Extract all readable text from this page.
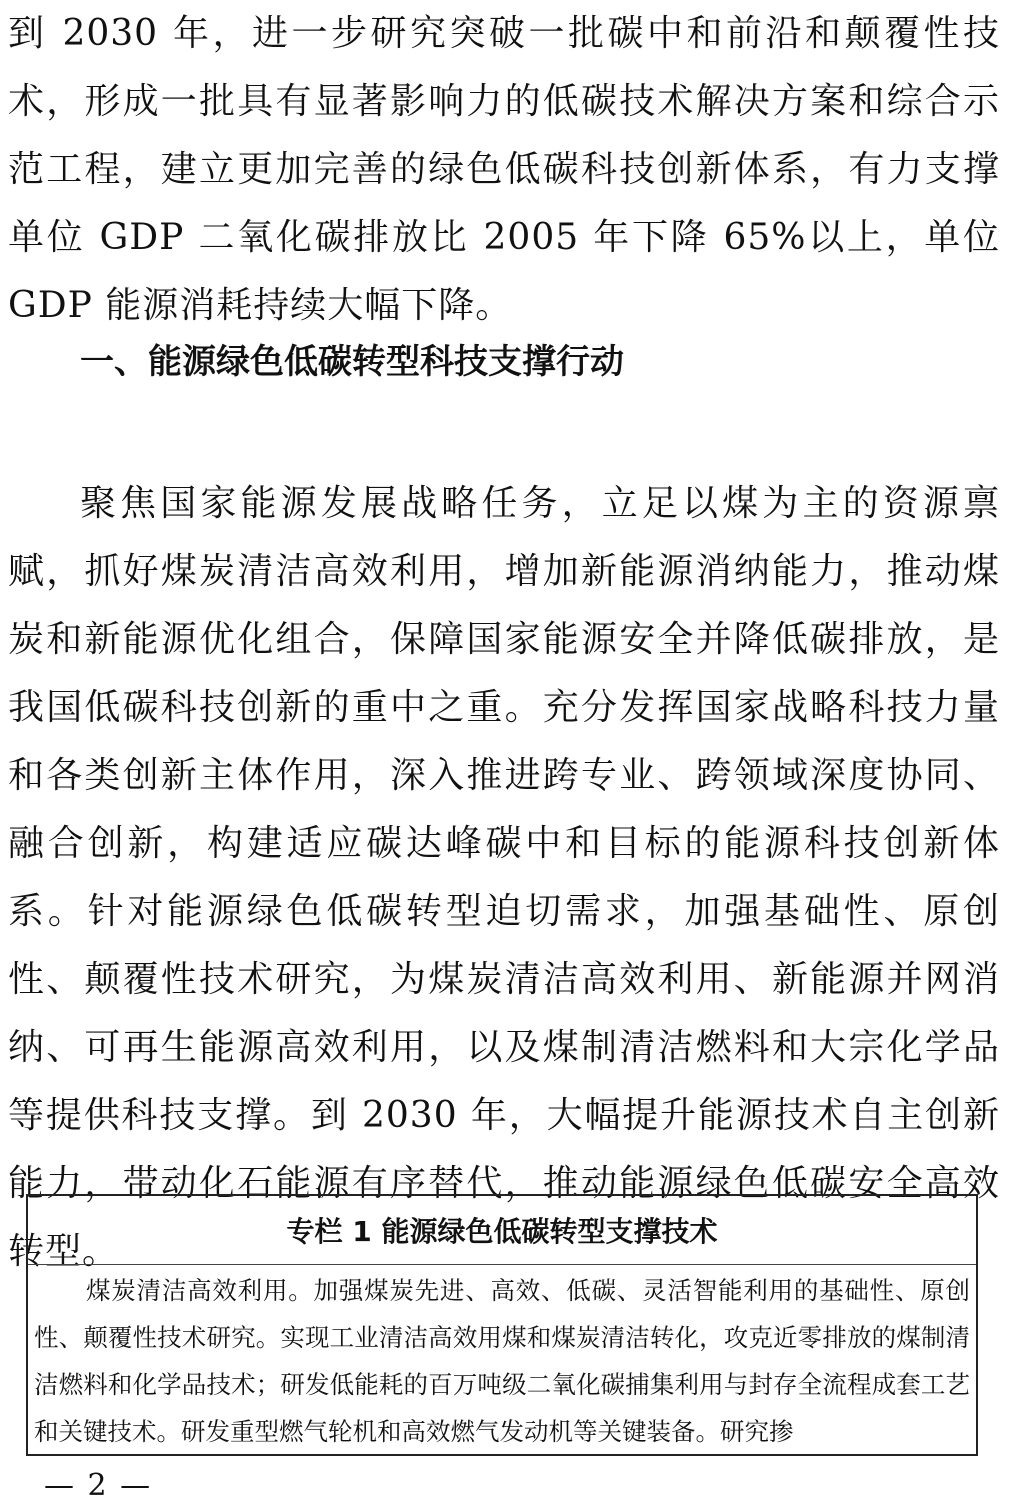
到 2030 年，进一步研究突破一批碳中和前沿和颠覆性技术，形成一批具有显著影响力的低碳技术解决方案和综合示范工程，建立更加完善的绿色低碳科技创新体系，有力支撑单位 GDP 二氧化碳排放比 2005 年下降 65%以上，单位 GDP 能源消耗持续大幅下降。

一、能源绿色低碳转型科技支撑行动

聚焦国家能源发展战略任务，立足以煤为主的资源禀赋，抓好煤炭清洁高效利用，增加新能源消纳能力，推动煤炭和新能源优化组合，保障国家能源安全并降低碳排放，是我国低碳科技创新的重中之重。充分发挥国家战略科技力量和各类创新主体作用，深入推进跨专业、跨领域深度协同、融合创新，构建适应碳达峰碳中和目标的能源科技创新体系。针对能源绿色低碳转型迫切需求，加强基础性、原创性、颠覆性技术研究，为煤炭清洁高效利用、新能源并网消纳、可再生能源高效利用，以及煤制清洁燃料和大宗化学品等提供科技支撑。到 2030 年，大幅提升能源技术自主创新能力，带动化石能源有序替代，推动能源绿色低碳安全高效转型。	专栏 1 能源绿色低碳转型支撑技术

煤炭清洁高效利用。加强煤炭先进、高效、低碳、灵活智能利用的基础性、原创性、颠覆性技术研究。实现工业清洁高效用煤和煤炭清洁转化，攻克近零排放的煤制清洁燃料和化学品技术；研发低能耗的百万吨级二氧化碳捕集利用与封存全流程成套工艺和关键技术。研发重型燃气轮机和高效燃气发动机等关键装备。研究掺

— 2 —
